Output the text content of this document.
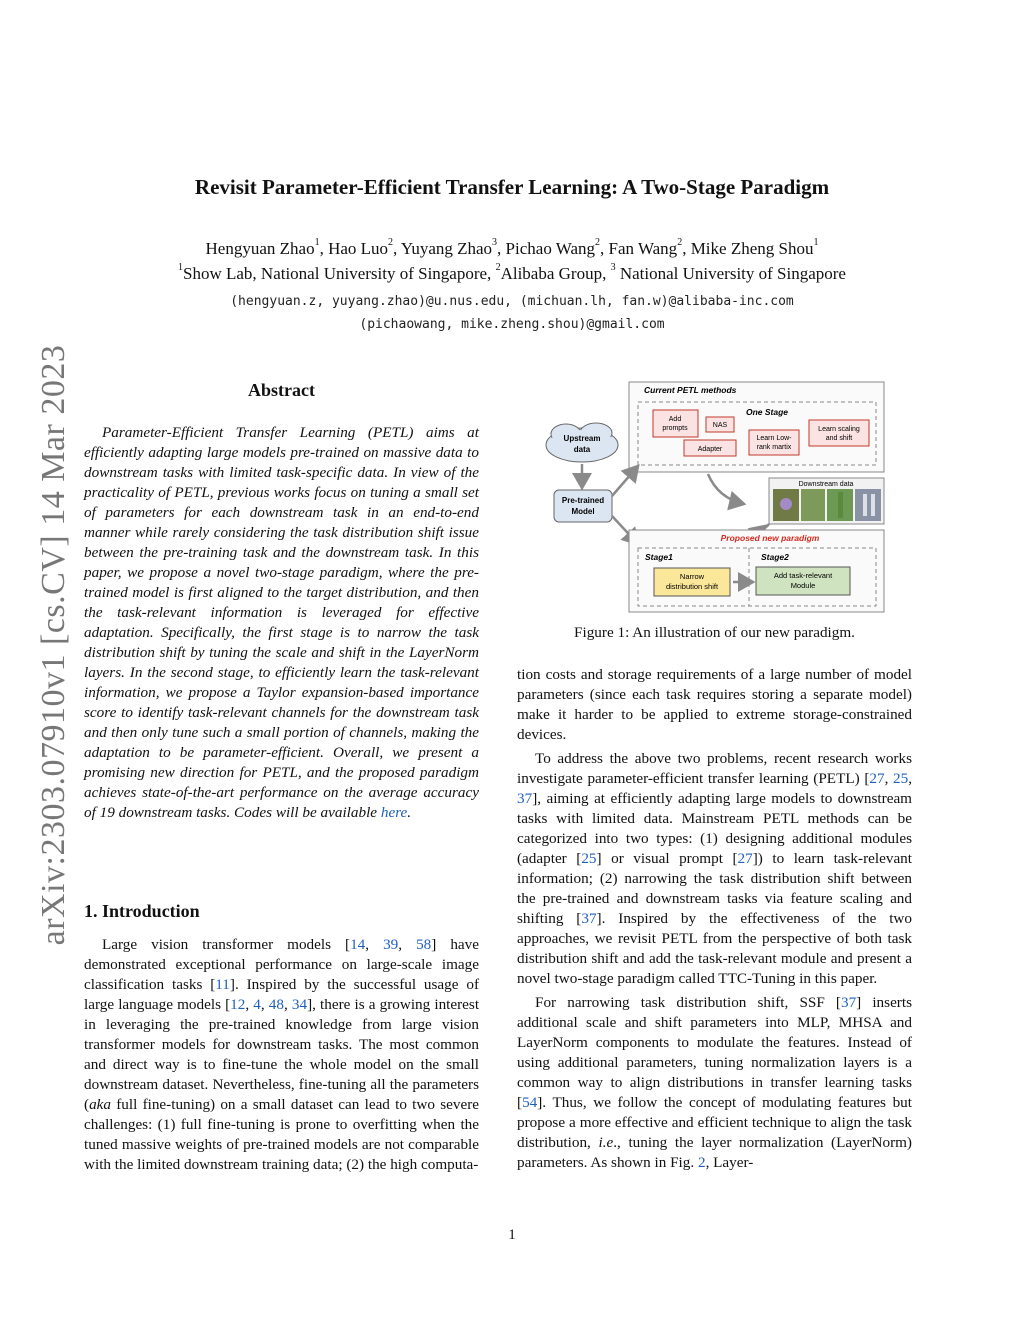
arXiv:2303.07910v1 [cs.CV] 14 Mar 2023
Revisit Parameter-Efficient Transfer Learning: A Two-Stage Paradigm
Hengyuan Zhao$^1$, Hao Luo$^2$, Yuyang Zhao$^3$, Pichao Wang$^2$, Fan Wang$^2$, Mike Zheng Shou$^1$
$^1$Show Lab, National University of Singapore, $^2$Alibaba Group, $^3$ National University of Singapore
(hengyuan.z, yuyang.zhao)@u.nus.edu, (michuan.lh, fan.w)@alibaba-inc.com
(pichaowang, mike.zheng.shou)@gmail.com
Abstract

Parameter-Efficient Transfer Learning (PETL) aims at efficiently adapting large models pre-trained on massive data to downstream tasks with limited task-specific data. In view of the practicality of PETL, previous works focus on tuning a small set of parameters for each downstream task in an end-to-end manner while rarely considering the task distribution shift issue between the pre-training task and the downstream task. In this paper, we propose a novel two-stage paradigm, where the pre-trained model is first aligned to the target distribution, and then the task-relevant information is leveraged for effective adaptation. Specifically, the first stage is to narrow the task distribution shift by tuning the scale and shift in the LayerNorm layers. In the second stage, to efficiently learn the task-relevant information, we propose a Taylor expansion-based importance score to identify task-relevant channels for the downstream task and then only tune such a small portion of channels, making the adaptation to be parameter-efficient. Overall, we present a promising new direction for PETL, and the proposed paradigm achieves state-of-the-art performance on the average accuracy of 19 downstream tasks. Codes will be available here.

1. Introduction

Large vision transformer models [14, 39, 58] have demonstrated exceptional performance on large-scale image classification tasks [11]. Inspired by the successful usage of large language models [12, 4, 48, 34], there is a growing interest in leveraging the pre-trained knowledge from large vision transformer models for downstream tasks. The most common and direct way is to fine-tune the whole model on the small downstream dataset. Nevertheless, fine-tuning all the parameters (aka full fine-tuning) on a small dataset can lead to two severe challenges: (1) full fine-tuning is prone to overfitting when the tuned massive weights of pre-trained models are not comparable with the limited downstream training data; (2) the high computa-

Current PETL methods
One Stage
Add
prompts	NAS
Adapter
Learn Low-
rank martix
Learn scaling
and shift
Upstream
data
Pre-trained
Model
Downstream data
Proposed new paradigm
Stage1	Stage2
Narrow
distribution shift
Add task-relevant
Module
Figure 1: An illustration of our new paradigm.

tion costs and storage requirements of a large number of model parameters (since each task requires storing a separate model) make it harder to be applied to extreme storage-constrained devices.

To address the above two problems, recent research works investigate parameter-efficient transfer learning (PETL) [27, 25, 37], aiming at efficiently adapting large models to downstream tasks with limited data. Mainstream PETL methods can be categorized into two types: (1) designing additional modules (adapter [25] or visual prompt [27]) to learn task-relevant information; (2) narrowing the task distribution shift between the pre-trained and downstream tasks via feature scaling and shifting [37]. Inspired by the effectiveness of the two approaches, we revisit PETL from the perspective of both task distribution shift and add the task-relevant module and present a novel two-stage paradigm called TTC-Tuning in this paper.

For narrowing task distribution shift, SSF [37] inserts additional scale and shift parameters into MLP, MHSA and LayerNorm components to modulate the features. Instead of using additional parameters, tuning normalization layers is a common way to align distributions in transfer learning tasks [54]. Thus, we follow the concept of modulating features but propose a more effective and efficient technique to align the task distribution, i.e., tuning the layer normalization (LayerNorm) parameters. As shown in Fig. 2, Layer-

1
